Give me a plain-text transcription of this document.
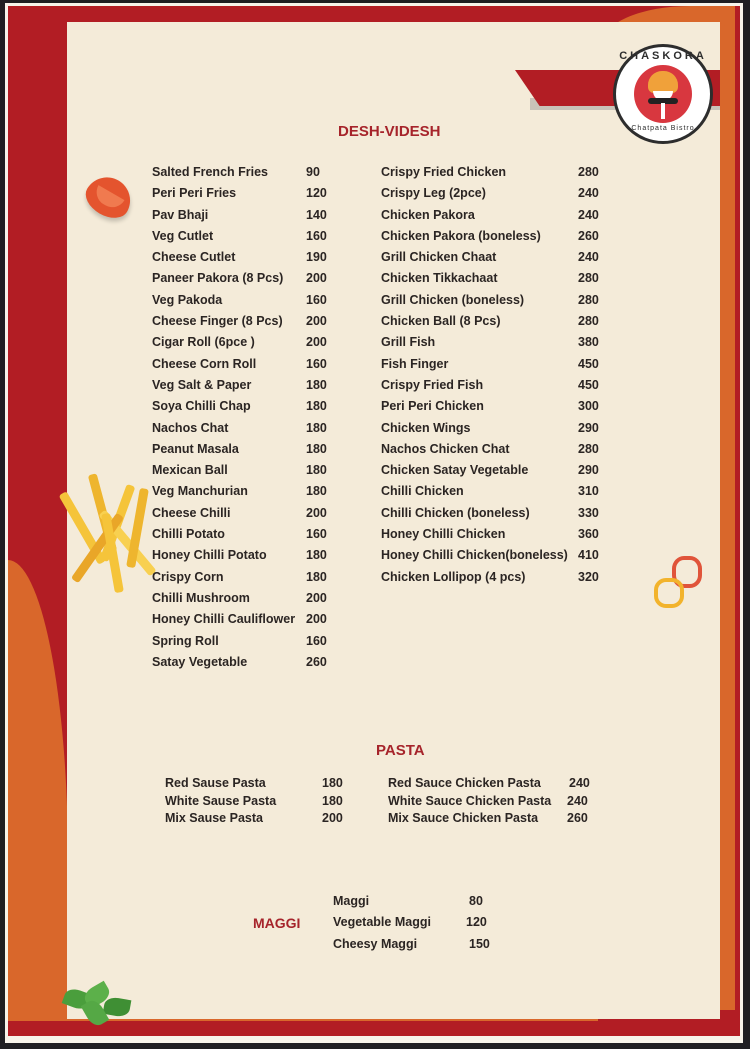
CHASKORA
Chatpata Bistro
DESH-VIDESH
Salted French Fries	90
Peri Peri Fries	120
Pav Bhaji	140
Veg Cutlet	160
Cheese Cutlet	190
Paneer Pakora (8 Pcs) 200
Veg Pakoda	160
Cheese Finger (8 Pcs) 200
Cigar Roll (6pce )	200
Cheese Corn Roll	160
Veg Salt & Paper	180
Soya Chilli Chap	180
Nachos Chat	180
Peanut Masala	180
Mexican Ball	180
Veg Manchurian	180
Cheese Chilli	200
Chilli Potato	160
Honey Chilli Potato	180
Crispy Corn	180
Chilli Mushroom	200
Honey Chilli Cauliflower 200
Spring Roll	160
Satay Vegetable	260
Crispy Fried Chicken	280
Crispy Leg (2pce)	240
Chicken Pakora	240
Chicken Pakora (boneless)	260
Grill Chicken Chaat	240
Chicken Tikkachaat	280
Grill Chicken (boneless)	280
Chicken Ball (8 Pcs)	280
Grill Fish	380
Fish Finger	450
Crispy Fried Fish	450
Peri Peri Chicken	300
Chicken Wings	290
Nachos Chicken Chat	280
Chicken Satay Vegetable	290
Chilli Chicken	310
Chilli Chicken (boneless)	330
Honey Chilli Chicken	360
Honey Chilli Chicken(boneless) 410
Chicken Lollipop (4 pcs)	320
PASTA
Red Sause Pasta	180
White Sause Pasta	180
Mix Sause Pasta	200
Red Sauce Chicken Pasta 240
White Sauce Chicken Pasta 240
Mix Sauce Chicken Pasta 260
MAGGI
Maggi	80
Vegetable Maggi	120
Cheesy Maggi	150
